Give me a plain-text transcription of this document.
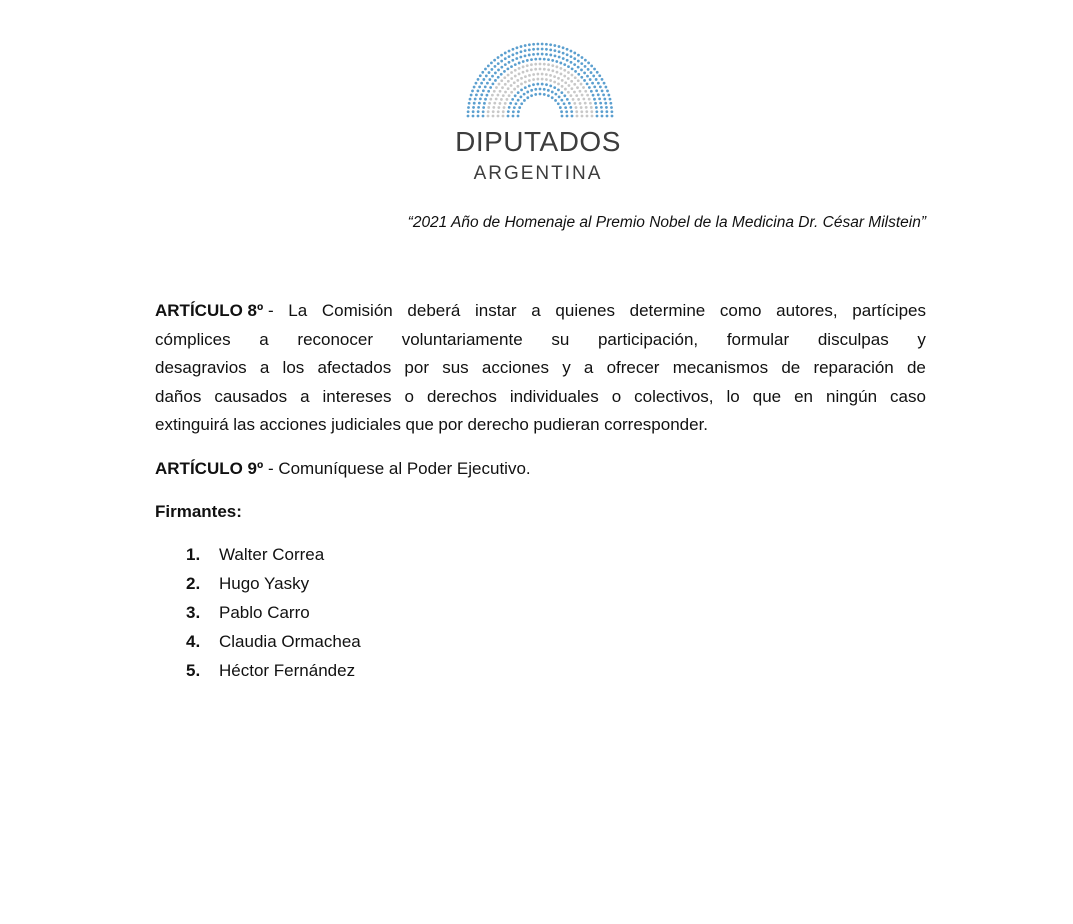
DIPUTADOS
ARGENTINA
“2021 Año de Homenaje al Premio Nobel de la Medicina Dr. César Milstein”
ARTÍCULO 8º - La Comisión deberá instar a quienes determine como autores, partícipes
cómplices a reconocer voluntariamente su participación, formular disculpas y
desagravios a los afectados por sus acciones y a ofrecer mecanismos de reparación de
daños causados a intereses o derechos individuales o colectivos, lo que en ningún caso
extinguirá las acciones judiciales que por derecho pudieran corresponder.
ARTÍCULO 9º - Comuníquese al Poder Ejecutivo.
Firmantes:
1. Walter Correa
2. Hugo Yasky
3. Pablo Carro
4. Claudia Ormachea
5. Héctor Fernández
